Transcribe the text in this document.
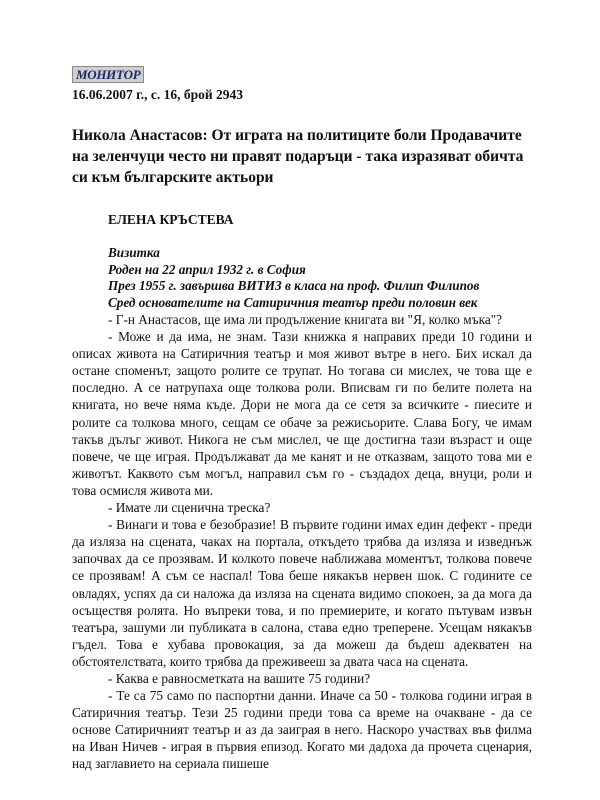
МОНИТОР
16.06.2007 г., с. 16, брой 2943
Никола Анастасов: От играта на политиците боли Продавачите на зеленчуци често ни правят подаръци - така изразяват обичта си към българските актьори
ЕЛЕНА КРЪСТЕВА
Визитка
Роден на 22 април 1932 г. в София
През 1955 г. завършва ВИТИЗ в класа на проф. Филип Филипов
Сред основателите на Сатиричния театър преди половин век

- Г-н Анастасов, ще има ли продължение книгата ви "Я, колко мъка"?

- Може и да има, не знам. Тази книжка я направих преди 10 години и описах живота на Сатиричния театър и моя живот вътре в него. Бих искал да остане споменът, защото ролите се трупат. Но тогава си мислех, че това ще е последно. А се натрупаха още толкова роли. Впиcвам ги по белите полета на книгата, но вече няма къде. Дори не мога да се сетя за всичките - пиесите и ролите са толкова много, сещам се обаче за режисьорите. Слава Богу, че имам такъв дълъг живот. Никога не съм мислел, че ще достигна тази възраст и още повече, че ще играя. Продължават да ме канят и не отказвам, защото това ми е животът. Каквото съм могъл, направил съм го - създадох деца, внуци, роли и това осмисля живота ми.

- Имате ли сценична треска?

- Винаги и това е безобразие! В първите години имах един дефект - преди да изляза на сцената, чаках на портала, откъдето трябва да изляза и изведнъж започвах да се прозявам. И колкото повече наближава моментът, толкова повече се прозявам! А съм се наспал! Това беше някакъв нервен шок. С годините се овладях, успях да си наложа да изляза на сцената видимо спокоен, за да мога да осъществя ролята. Но въпреки това, и по премиерите, и когато пътувам извън театъра, зашуми ли публиката в салона, става едно треперене. Усещам някакъв гъдел. Това е хубава провокация, за да можеш да бъдеш адекватен на обстоятелствата, които трябва да преживееш за двата часа на сцената.

- Каква е равносметката на вашите 75 години?

- Те са 75 само по паспортни данни. Иначе са 50 - толкова години играя в Сатиричния театър. Тези 25 години преди това са време на очакване - да се основе Сатиричният театър и аз да заиграя в него. Наскоро участвах във филма на Иван Ничев - играя в първия епизод. Когато ми дадоха да прочета сценария, над заглавието на сериала пишеше
